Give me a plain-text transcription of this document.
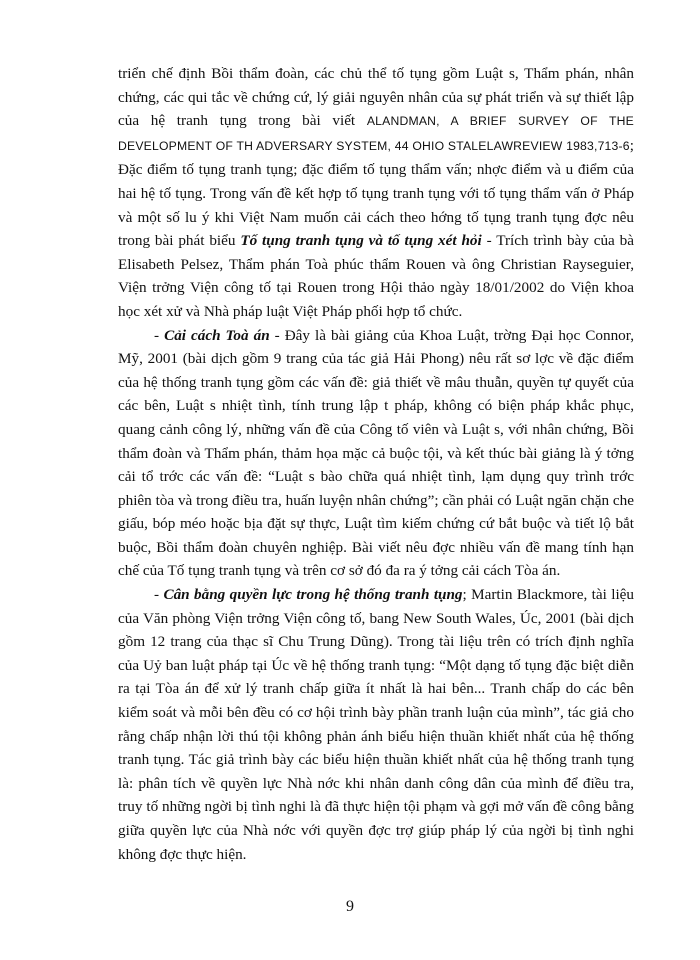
triển chế định Bồi thẩm đoàn, các chủ thể tố tụng gồm Luật s, Thẩm phán, nhân chứng, các qui tắc về chứng cứ, lý giải nguyên nhân của sự phát triển và sự thiết lập của hệ tranh tụng trong bài viết ALANDMAN, A BRIEF SURVEY OF THE DEVELOPMENT OF TH ADVERSARY SYSTEM, 44 OHIO STALELAWREVIEW 1983,713-6; Đặc điểm tố tụng tranh tụng; đặc điểm tố tụng thẩm vấn; nhợc điểm và u điểm của hai hệ tố tụng. Trong vấn đề kết hợp tố tụng tranh tụng với tố tụng thẩm vấn ở Pháp và một số lu ý khi Việt Nam muốn cải cách theo hớng tố tụng tranh tụng đợc nêu trong bài phát biểu Tố tụng tranh tụng và tố tụng xét hỏi - Trích trình bày của bà Elisabeth Pelsez, Thẩm phán Toà phúc thẩm Rouen và ông Christian Rayseguier, Viện trởng Viện công tố tại Rouen trong Hội thảo ngày 18/01/2002 do Viện khoa học xét xử và Nhà pháp luật Việt Pháp phối hợp tổ chức.

- Cải cách Toà án - Đây là bài giảng của Khoa Luật, trờng Đại học Connor, Mỹ, 2001 (bài dịch gồm 9 trang của tác giả Hải Phong) nêu rất sơ lợc về đặc điểm của hệ thống tranh tụng gồm các vấn đề: giả thiết về mâu thuẫn, quyền tự quyết của các bên, Luật s nhiệt tình, tính trung lập t pháp, không có biện pháp khắc phục, quang cảnh công lý, những vấn đề của Công tố viên và Luật s, với nhân chứng, Bồi thẩm đoàn và Thẩm phán, thảm họa mặc cả buộc tội, và kết thúc bài giảng là ý tởng cải tổ trớc các vấn đề: “Luật s bào chữa quá nhiệt tình, lạm dụng quy trình trớc phiên tòa và trong điều tra, huấn luyện nhân chứng”; cần phải có Luật ngăn chặn che giấu, bóp méo hoặc bịa đặt sự thực, Luật tìm kiếm chứng cứ bắt buộc và tiết lộ bắt buộc, Bồi thẩm đoàn chuyên nghiệp. Bài viết nêu đợc nhiều vấn đề mang tính hạn chế của Tố tụng tranh tụng và trên cơ sở đó đa ra ý tởng cải cách Tòa án.

- Cân bằng quyền lực trong hệ thống tranh tụng; Martin Blackmore, tài liệu của Văn phòng Viện trởng Viện công tố, bang New South Wales, Úc, 2001 (bài dịch gồm 12 trang của thạc sĩ Chu Trung Dũng). Trong tài liệu trên có trích định nghĩa của Uỷ ban luật pháp tại Úc về hệ thống tranh tụng: “Một dạng tố tụng đặc biệt diễn ra tại Tòa án để xử lý tranh chấp giữa ít nhất là hai bên... Tranh chấp do các bên kiểm soát và mỗi bên đều có cơ hội trình bày phần tranh luận của mình”, tác giả cho rằng chấp nhận lời thú tội không phản ánh biểu hiện thuần khiết nhất của hệ thống tranh tụng. Tác giả trình bày các biểu hiện thuần khiết nhất của hệ thống tranh tụng là: phân tích về quyền lực Nhà nớc khi nhân danh công dân của mình để điều tra, truy tố những ngời bị tình nghi là đã thực hiện tội phạm và gợi mở vấn đề công bằng giữa quyền lực của Nhà nớc với quyền đợc trợ giúp pháp lý của ngời bị tình nghi không đợc thực hiện.

9
